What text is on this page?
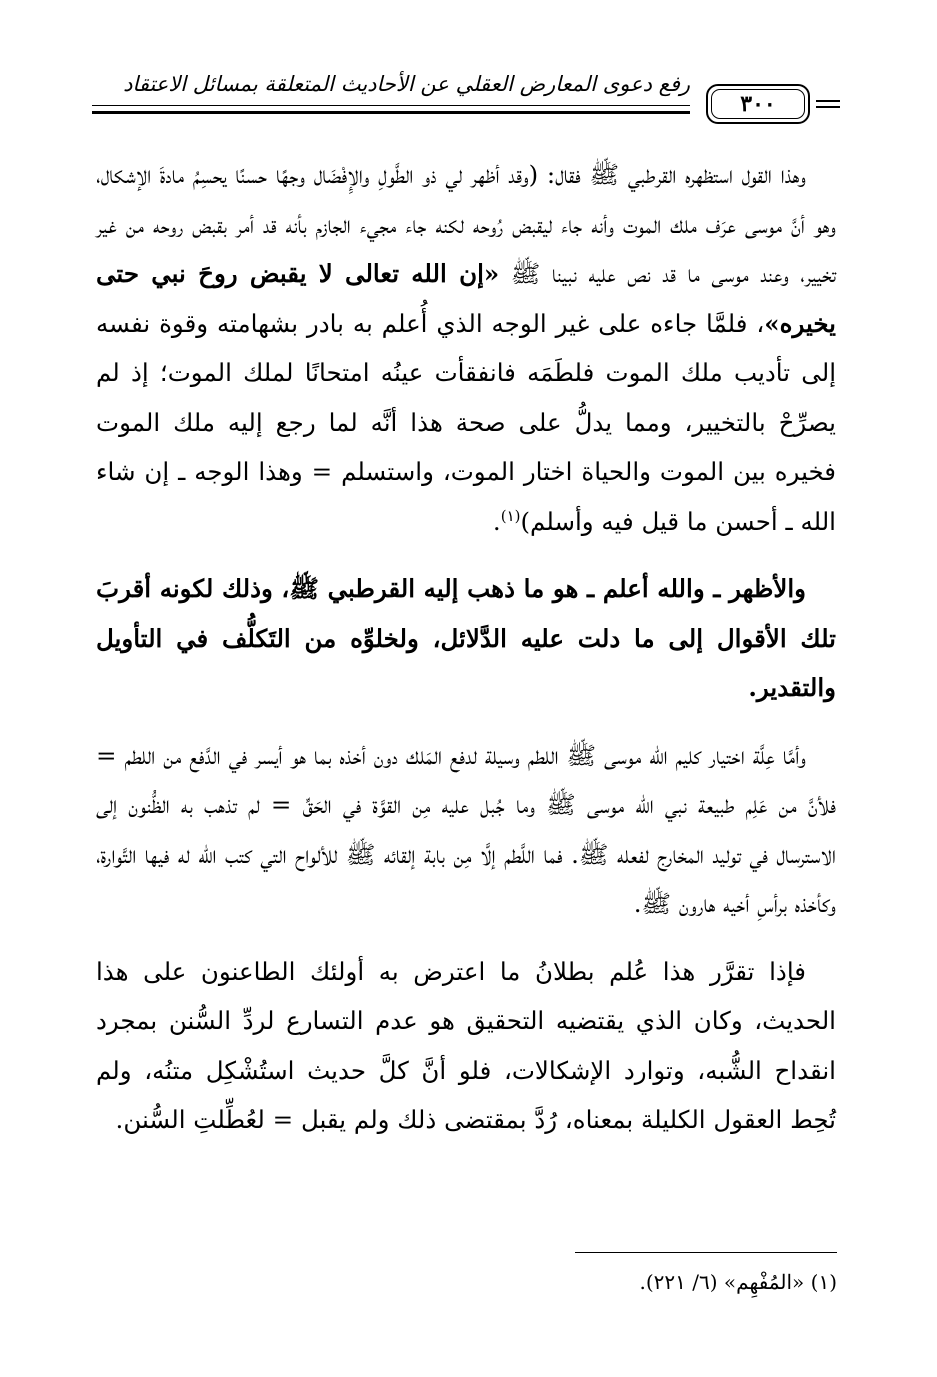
رفع دعوى المعارض العقلي عن الأحاديث المتعلقة بمسائل الاعتقاد
٣٠٠

وهذا القول استظهره القرطبي ﷺ فقال: (وقد أظهر لي ذو الطَّولِ والإِفْضَال وجهًا حسنًا يحسِمُ مادةَ الإشكال، وهو أنَّ موسى عرَف ملك الموت وأنه جاء ليقبض رُوحه لكنه جاء مجيء الجازم بأنه قد أمر بقبض روحه من غير تخيير، وعند موسى ما قد نص عليه نبينا ﷺ «إن الله تعالى لا يقبض روحَ نبي حتى يخيره»، فلمَّا جاءه على غير الوجه الذي أُعلم به بادر بشهامته وقوة نفسه إلى تأديب ملك الموت فلطَمَه فانفقأت عينُه امتحانًا لملك الموت؛ إذ لم يصرِّحْ بالتخيير، ومما يدلُّ على صحة هذا أنَّه لما رجع إليه ملك الموت فخيره بين الموت والحياة اختار الموت، واستسلم = وهذا الوجه ـ إن شاء الله ـ أحسن ما قيل فيه وأسلم)$^{(١)}$.

والأظهر ـ والله أعلم ـ هو ما ذهب إليه القرطبي ﷺ، وذلك لكونه أقربَ تلك الأقوال إلى ما دلت عليه الدَّلائل، ولخلوِّه من التَكلُّف في التأويل والتقدير.

وأمَّا عِلَّة اختيار كليم الله موسى ﷺ اللطم وسيلة لدفع المَلك دون أخذه بما هو أيسر في الدَّفع من اللطم = فلأنَّ من عَلِم طبيعة نبي الله موسى ﷺ وما جُبل عليه مِن القوَّة في الحَقِّ = لم تذهب به الظُّنون إلى الاسترسال في توليد المخارج لفعله ﷺ. فما اللَّطم إلَّا مِن بابة إلقائه ﷺ للألواح التي كتب الله له فيها التَّوارة، وكأخذه برأسِ أخيه هارون ﷺ.

فإذا تقرَّر هذا عُلم بطلانُ ما اعترض به أولئك الطاعنون على هذا الحديث، وكان الذي يقتضيه التحقيق هو عدم التسارع لردِّ السُّنن بمجرد انقداح الشُّبه، وتوارد الإشكالات، فلو أنَّ كلَّ حديث استُشْكِل متنُه، ولم تُحِط العقول الكليلة بمعناه، رُدَّ بمقتضى ذلك ولم يقبل = لعُطِّلتِ السُّنن.

(١) «المُفْهِم» (٦/ ٢٢١).
